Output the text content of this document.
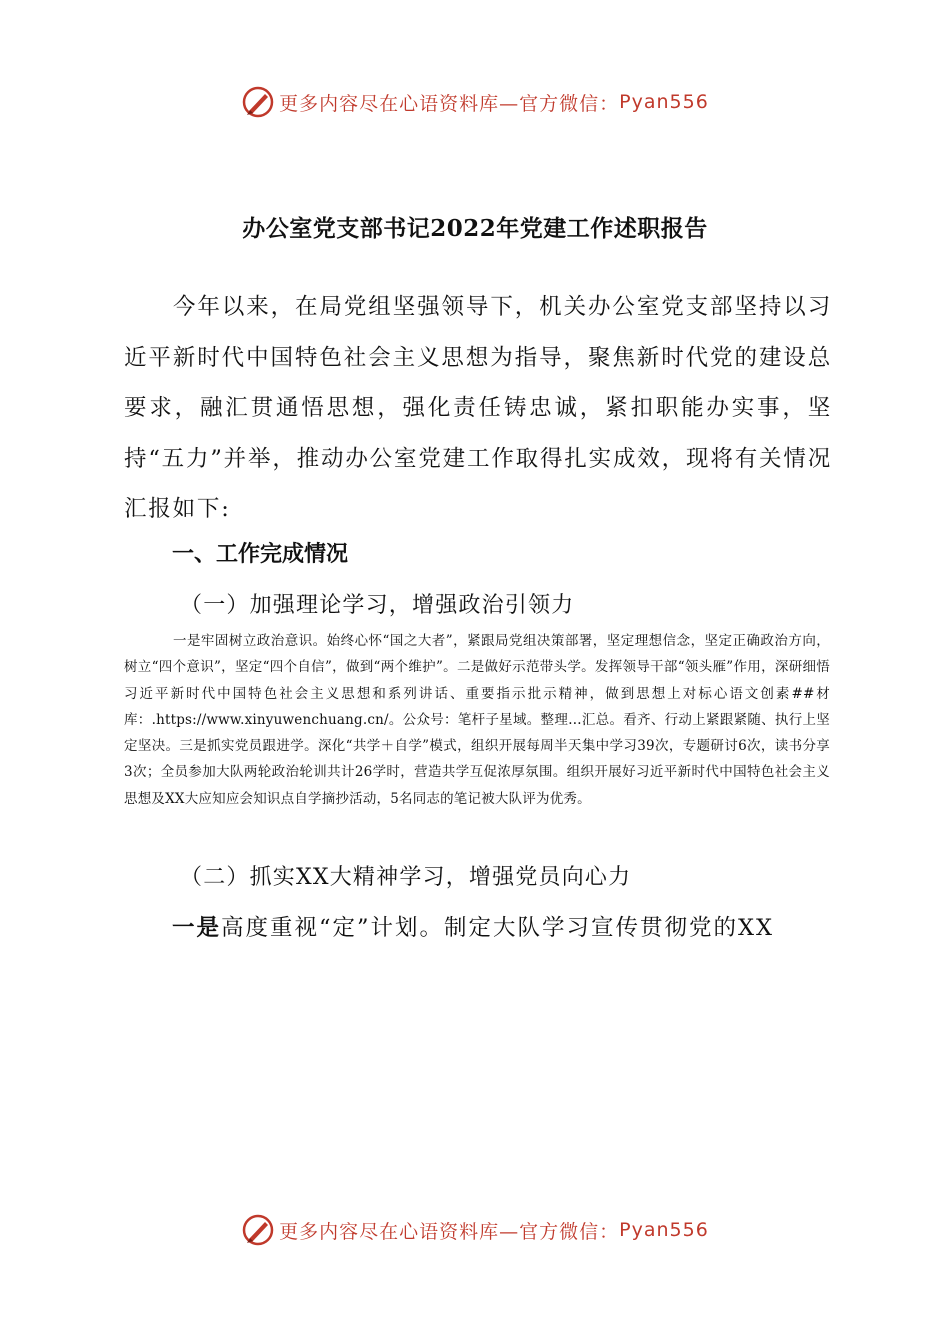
更多内容尽在心语资料库—官方微信： Pyan556
办公室党支部书记2022年党建工作述职报告

今年以来，在局党组坚强领导下，机关办公室党支部坚持以习近平新时代中国特色社会主义思想为指导，聚焦新时代党的建设总要求，融汇贯通悟思想，强化责任铸忠诚，紧扣职能办实事，坚持“五力”并举，推动办公室党建工作取得扎实成效，现将有关情况汇报如下:

一、工作完成情况
（一）加强理论学习，增强政治引领力

一是牢固树立政治意识。始终心怀“国之大者”，紧跟局党组决策部署，坚定理想信念，坚定正确政治方向，树立“四个意识”，坚定“四个自信”，做到“两个维护”。二是做好示范带头学。发挥领导干部“领头雁”作用，深研细悟习近平新时代中国特色社会主义思想和系列讲话、重要指示批示精神，做到思想上对标心语文创素##材库：.https://www.xinyuwenchuang.cn/。公众号：笔杆子星域。整理…汇总。看齐、行动上紧跟紧随、执行上坚定坚决。三是抓实党员跟进学。深化“共学＋自学”模式，组织开展每周半天集中学习39次，专题研讨6次，读书分享3次；全员参加大队两轮政治轮训共计26学时，营造共学互促浓厚氛围。组织开展好习近平新时代中国特色社会主义思想及XX大应知应会知识点自学摘抄活动，5名同志的笔记被大队评为优秀。

（二）抓实XX大精神学习，增强党员向心力
一是高度重视“定”计划。制定大队学习宣传贯彻党的XX
更多内容尽在心语资料库—官方微信： Pyan556
